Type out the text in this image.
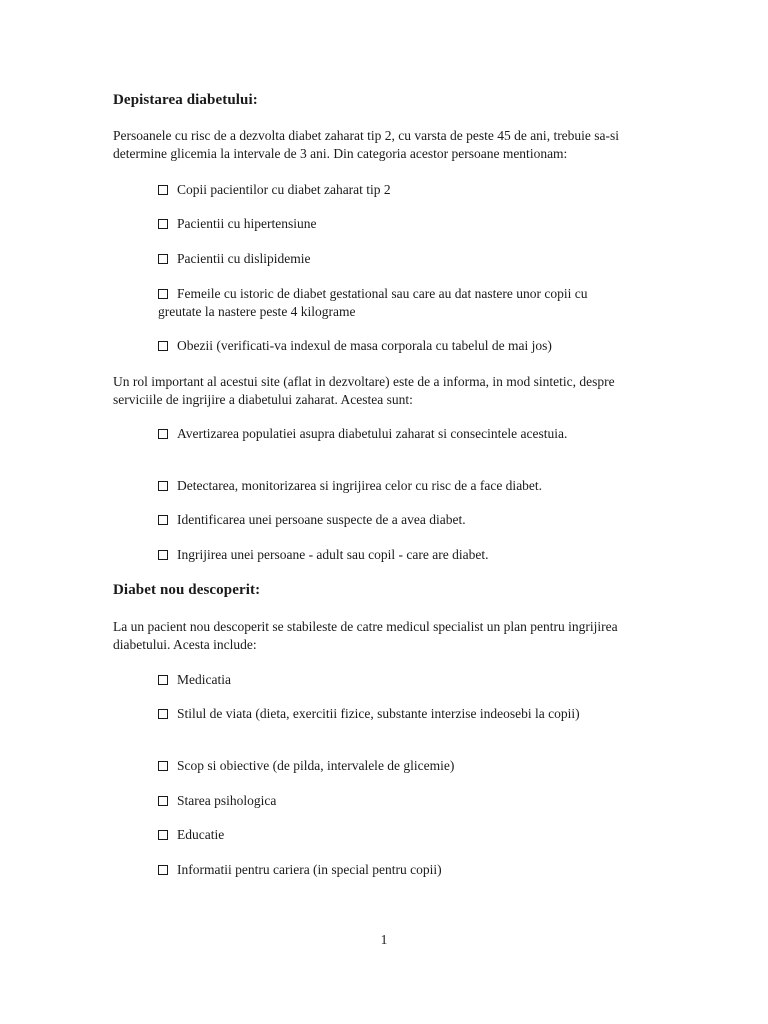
Depistarea diabetului:
Persoanele cu risc de a dezvolta diabet zaharat tip 2, cu varsta de peste 45 de ani, trebuie sa-si determine glicemia la intervale de 3 ani. Din categoria acestor persoane mentionam:
Copii pacientilor cu diabet zaharat tip 2
Pacientii cu hipertensiune
Pacientii cu dislipidemie
Femeile cu istoric de diabet gestational sau care au dat nastere unor copii cu greutate la nastere peste 4 kilograme
Obezii (verificati-va indexul de masa corporala cu tabelul de mai jos)
Un rol important al acestui site (aflat in dezvoltare) este de a informa, in mod sintetic, despre serviciile de ingrijire a diabetului zaharat. Acestea sunt:
Avertizarea populatiei asupra diabetului zaharat si consecintele acestuia.
Detectarea, monitorizarea si ingrijirea celor cu risc de a face diabet.
Identificarea unei persoane suspecte de a avea diabet.
Ingrijirea unei persoane - adult sau copil - care are diabet.
Diabet nou descoperit:
La un pacient nou descoperit se stabileste de catre medicul specialist un plan pentru ingrijirea diabetului. Acesta include:
Medicatia
Stilul de viata (dieta, exercitii fizice, substante interzise indeosebi la copii)
Scop si obiective (de pilda, intervalele de glicemie)
Starea psihologica
Educatie
Informatii pentru cariera (in special pentru copii)
1
